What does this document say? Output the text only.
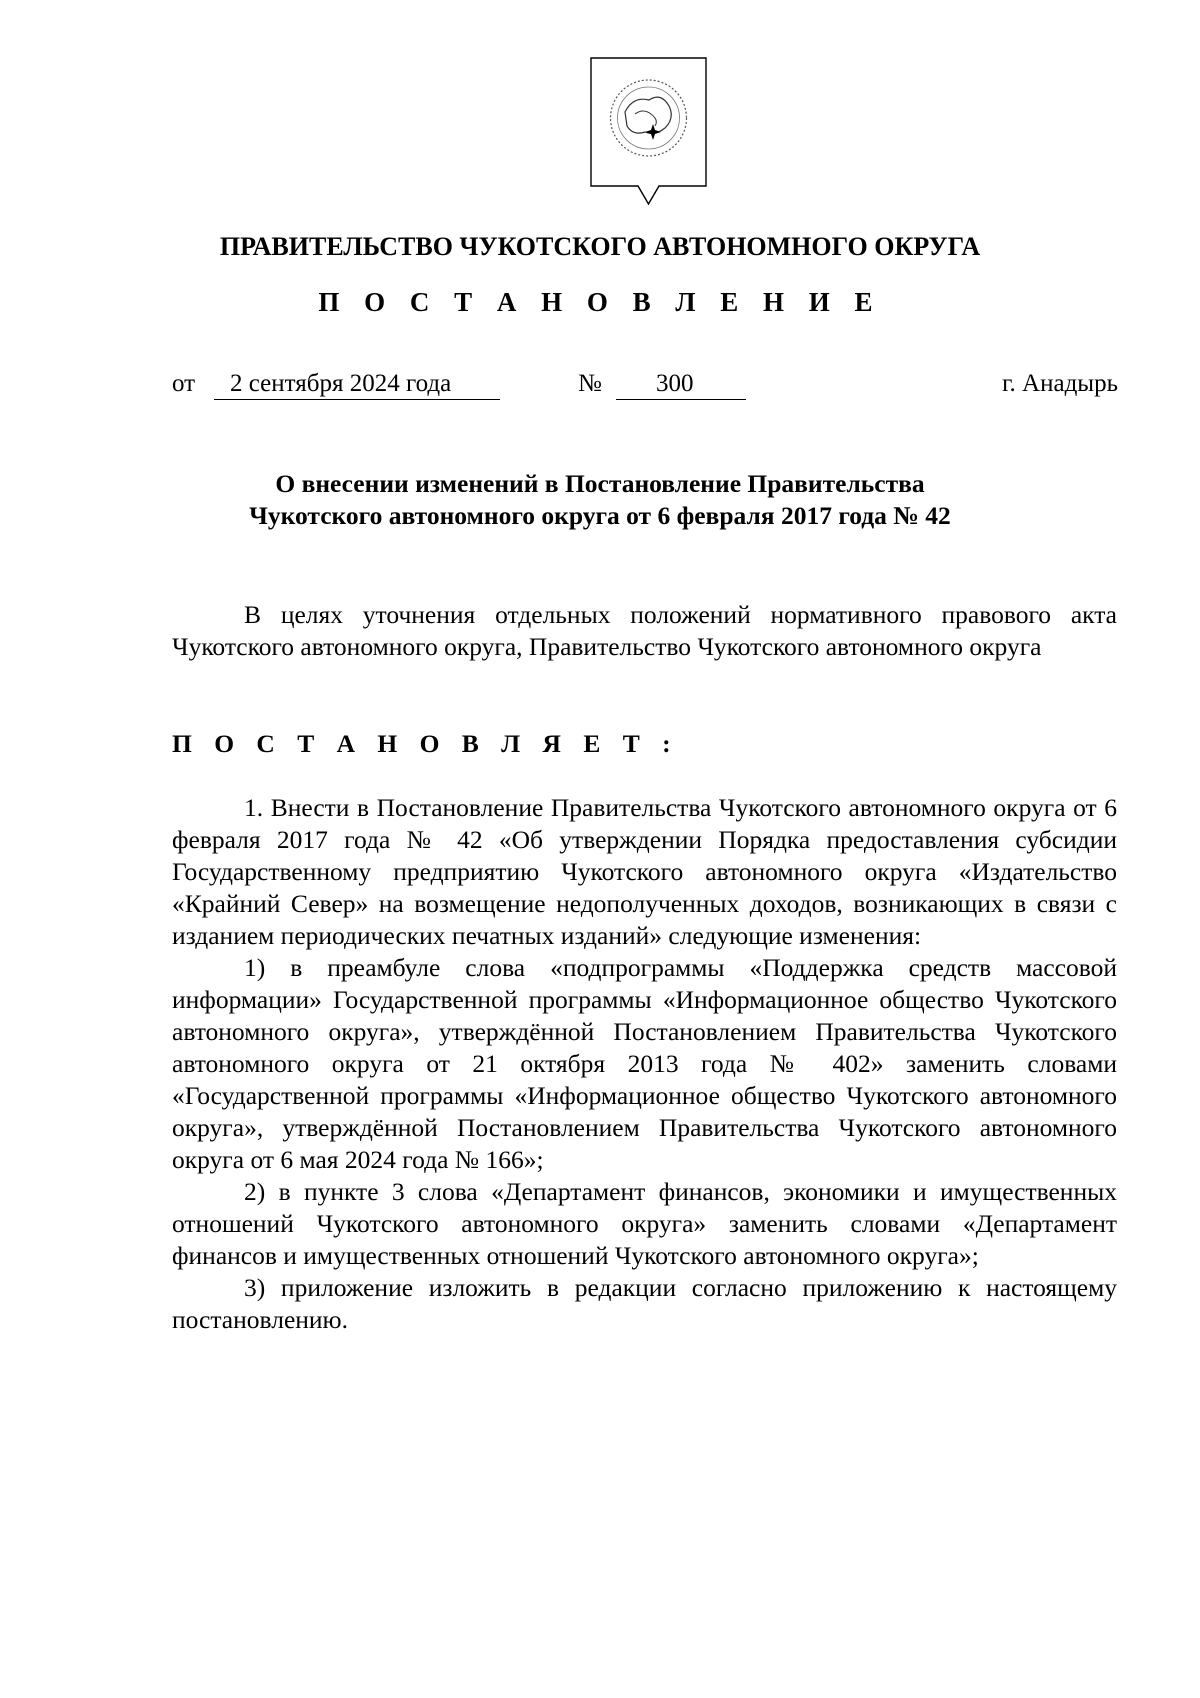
ПРАВИТЕЛЬСТВО ЧУКОТСКОГО АВТОНОМНОГО ОКРУГА
П О С Т А Н О В Л Е Н И Е
от	2 сентября 2024 года	№	300	г. Анадырь
О внесении изменений в Постановление Правительства
Чукотского автономного округа от 6 февраля 2017 года № 42

В целях уточнения отдельных положений нормативного правового акта Чукотского автономного округа, Правительство Чукотского автономного округа

П О С Т А Н О В Л Я Е Т :

1. Внести в Постановление Правительства Чукотского автономного округа от 6 февраля 2017 года № 42 «Об утверждении Порядка предоставления субсидии Государственному предприятию Чукотского автономного округа «Издательство «Крайний Север» на возмещение недополученных доходов, возникающих в связи с изданием периодических печатных изданий» следующие изменения:

1) в преамбуле слова «подпрограммы «Поддержка средств массовой информации» Государственной программы «Информационное общество Чукотского автономного округа», утверждённой Постановлением Правительства Чукотского автономного округа от 21 октября 2013 года № 402» заменить словами «Государственной программы «Информационное общество Чукотского автономного округа», утверждённой Постановлением Правительства Чукотского автономного округа от 6 мая 2024 года № 166»;

2) в пункте 3 слова «Департамент финансов, экономики и имущественных отношений Чукотского автономного округа» заменить словами «Департамент финансов и имущественных отношений Чукотского автономного округа»;

3) приложение изложить в редакции согласно приложению к настоящему постановлению.
